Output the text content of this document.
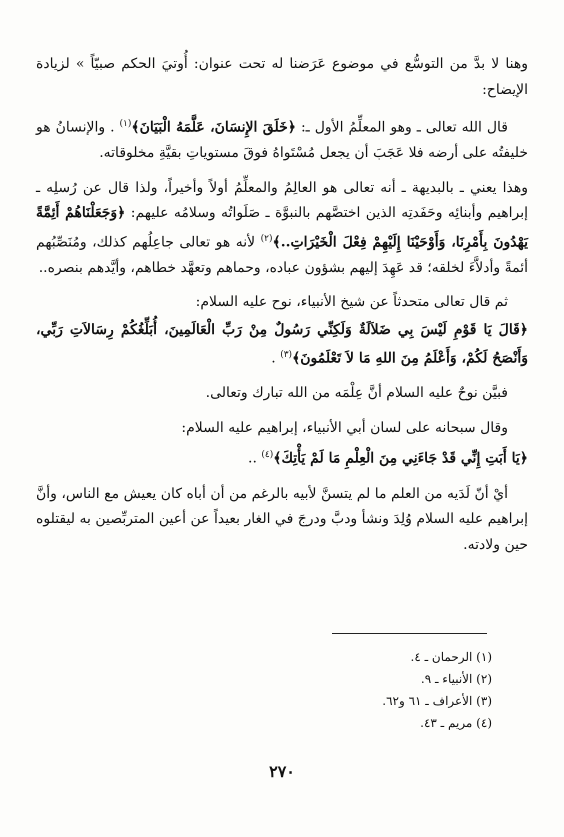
وهنا لا بدَّ من التوسُّع في موضوع عَرَضنا له تحت عنوان: أُوتيَ الحكم صبيّاً » لزيادة الإيضاح:

قال الله تعالى ـ وهو المعلِّمُ الأول ـ: ﴿خَلَقَ الإِنسَانَ، عَلَّمَهُ الْبَيَانَ﴾$^{(١)}$ . والإنسانُ هو خليفتُه على أرضه فلا عَجَبَ أن يجعل مُسْتَواهُ فوقَ مستوياتِ بقيَّةِ مخلوقاته.

وهذا يعني ـ بالبديهة ـ أنه تعالى هو العالِمُ والمعلِّمُ أولاً وأخيراً، ولذا قال عن رُسلِه ـ إبراهيم وأبنائِه وحَفَدتِه الذين اختصَّهم بالنبوَّة ـ صَلَواتُه وسلامُه عليهم: ﴿وَجَعَلْنَاهُمْ أَئِمَّةً يَهْدُونَ بِأَمْرِنَا، وَأَوْحَيْنَا إِلَيْهِمْ فِعْلَ الْخَيْرَاتِ..﴾$^{(٢)}$ لأنه هو تعالى جاعِلُهم كذلك، ومُنَصِّبُهم أئمةً وأدلاَّءَ لخلقه؛ قد عَهِدَ إليهم بشؤون عباده، وحماهم وتعهَّد خطاهم، وأيَّدهم بنصره..

ثم قال تعالى متحدثاً عن شيخ الأنبياء، نوح عليه السلام:

﴿قَالَ يَا قَوْمِ لَيْسَ بِي ضَلاَلَةٌ وَلَكِنِّي رَسُولٌ مِنْ رَبِّ الْعَالَمِينَ، أُبَلِّغُكُمْ رِسَالاَتِ رَبِّي، وَأَنْصَحُ لَكُمْ، وَأَعْلَمُ مِنَ اللهِ مَا لاَ تَعْلَمُونَ﴾$^{(٣)}$ .

فبيَّن نوحٌ عليه السلام أنَّ عِلْمَه من الله تبارك وتعالى.

وقال سبحانه على لسان أبي الأنبياء، إبراهيم عليه السلام:

﴿يَا أَبَتِ إِنِّي قَدْ جَاءَنِي مِنَ الْعِلْمِ مَا لَمْ يَأْتِكَ﴾$^{(٤)}$ ..

أيْ أنّ لَدَيه من العلم ما لم يتسنَّ لأبيه بالرغم من أن أباه كان يعيش مع الناس، وأنَّ إبراهيم عليه السلام وُلِدَ ونشأ ودبَّ ودرجَ في الغار بعيداً عن أعين المتربِّصين به ليقتلوه حين ولادته.

(١) الرحمان ـ ٤.
(٢) الأنبياء ـ ٩.
(٣) الأعراف ـ ٦١ و٦٢.
(٤) مريم ـ ٤٣.
٢٧٠
